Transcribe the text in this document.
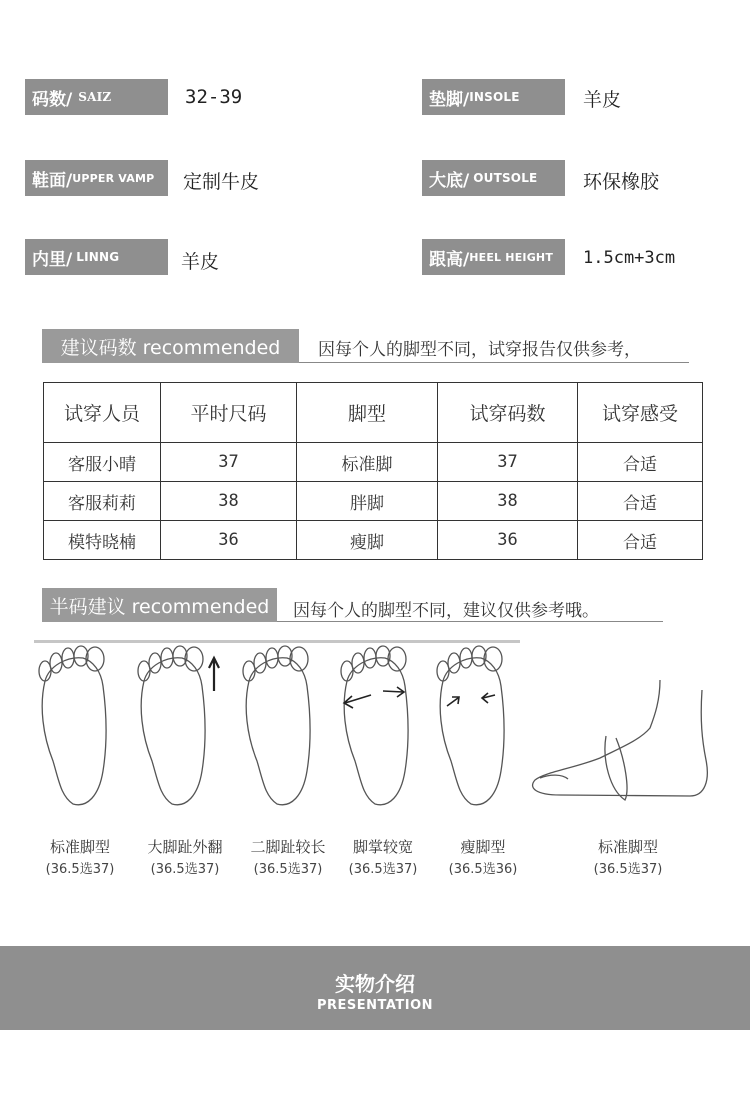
码数/ SAIZ	32-39	垫脚/ INSOLE	羊皮
鞋面/ UPPER VAMP 定制牛皮	大底/ OUTSOLE 环保橡胶
内里/ LINNG	羊皮	跟高/ HEEL HEIGHT 1.5cm+3cm
建议码数 recommended	因每个人的脚型不同，试穿报告仅供参考，
试穿人员	平时尺码	脚型	试穿码数	试穿感受
客服小晴	37	标准脚	37	合适
客服莉莉	38	胖脚	38	合适
模特晓楠	36	瘦脚	36	合适
半码建议 recommended	因每个人的脚型不同，建议仅供参考哦。
标准脚型
(36.5选37)
大脚趾外翻
(36.5选37)
二脚趾较长
(36.5选37)
脚掌较宽
(36.5选37)
瘦脚型
(36.5选36)
标准脚型
(36.5选37)
实物介绍
PRESENTATION
